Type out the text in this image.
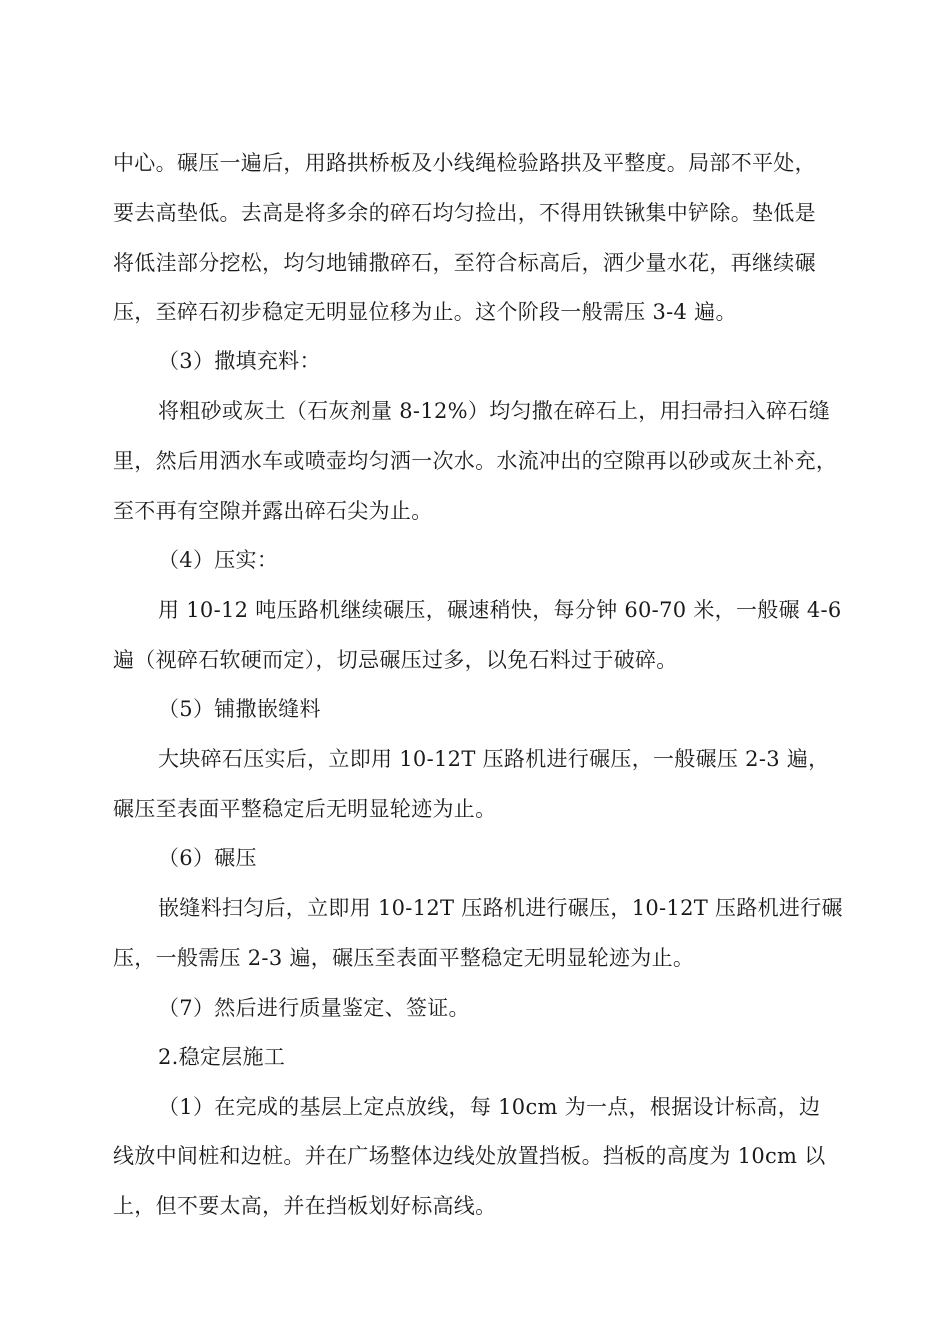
中心。碾压一遍后，用路拱桥板及小线绳检验路拱及平整度。局部不平处，
要去高垫低。去高是将多余的碎石均匀捡出，不得用铁锹集中铲除。垫低是
将低洼部分挖松，均匀地铺撒碎石，至符合标高后，洒少量水花，再继续碾
压，至碎石初步稳定无明显位移为止。这个阶段一般需压 3-4 遍。
（3）撒填充料：
将粗砂或灰土（石灰剂量 8-12%）均匀撒在碎石上，用扫帚扫入碎石缝
里，然后用洒水车或喷壶均匀洒一次水。水流冲出的空隙再以砂或灰土补充，
至不再有空隙并露出碎石尖为止。
（4）压实：
用 10-12 吨压路机继续碾压，碾速稍快，每分钟 60-70 米，一般碾 4-6
遍（视碎石软硬而定），切忌碾压过多，以免石料过于破碎。
（5）铺撒嵌缝料
大块碎石压实后，立即用 10-12T 压路机进行碾压，一般碾压 2-3 遍，
碾压至表面平整稳定后无明显轮迹为止。
（6）碾压
嵌缝料扫匀后，立即用 10-12T 压路机进行碾压，10-12T 压路机进行碾
压，一般需压 2-3 遍，碾压至表面平整稳定无明显轮迹为止。
（7）然后进行质量鉴定、签证。
2.稳定层施工
（1）在完成的基层上定点放线，每 10cm 为一点，根据设计标高，边
线放中间桩和边桩。并在广场整体边线处放置挡板。挡板的高度为 10cm 以
上，但不要太高，并在挡板划好标高线。
